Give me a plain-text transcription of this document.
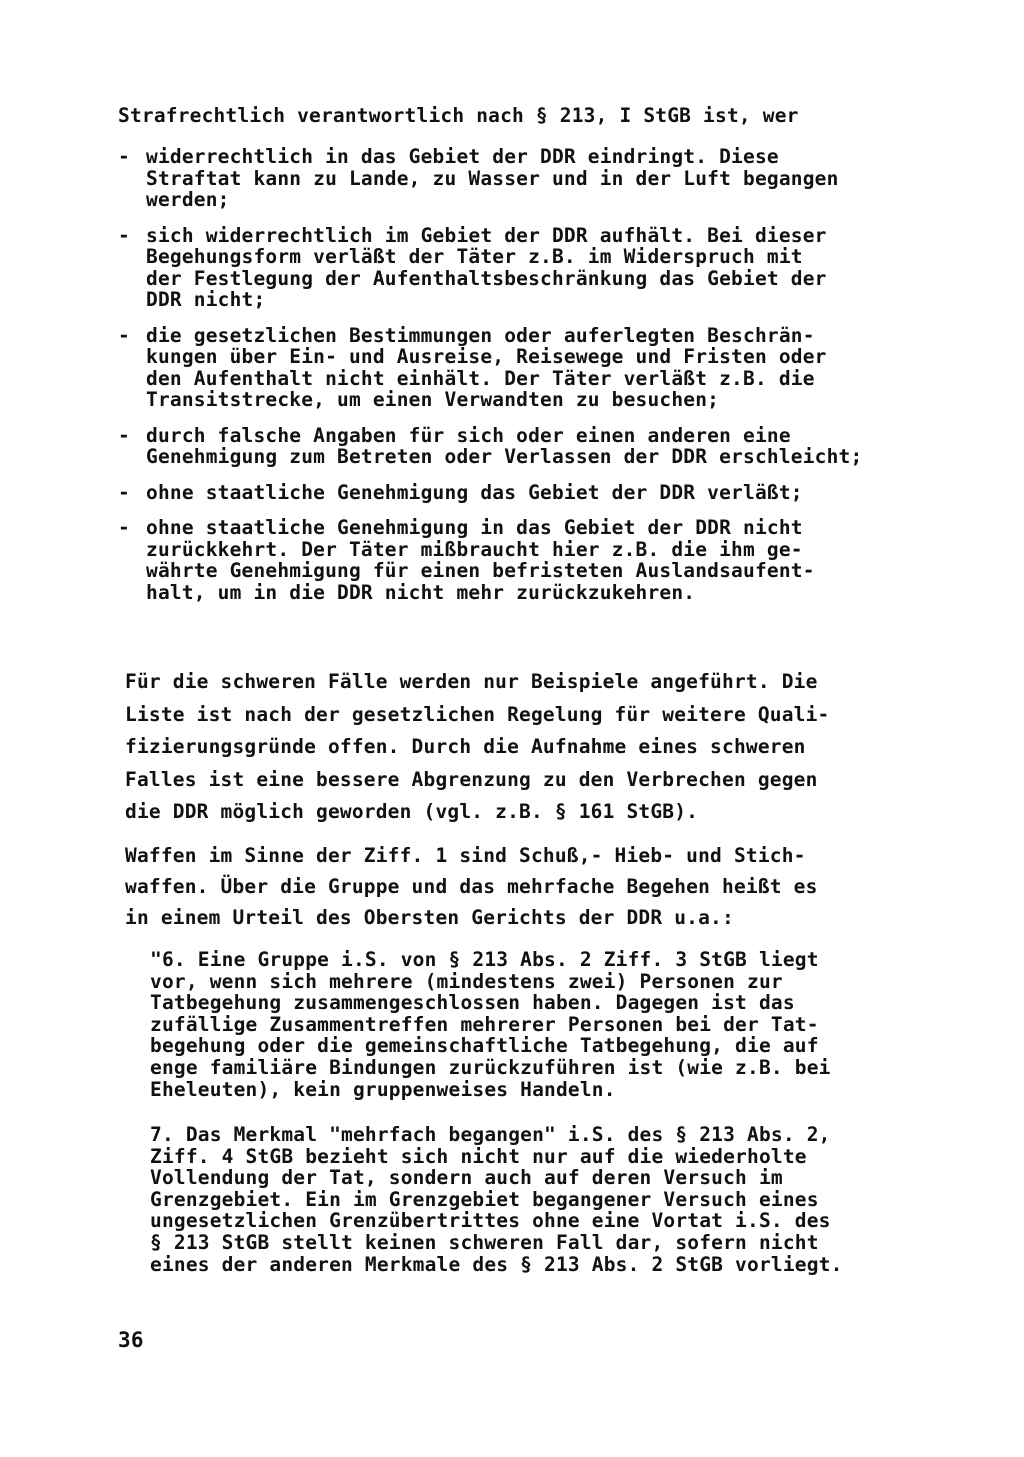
Strafrechtlich verantwortlich nach § 213, I StGB ist, wer

- widerrechtlich in das Gebiet der DDR eindringt. Diese
Straftat kann zu Lande, zu Wasser und in der Luft begangen
werden;
- sich widerrechtlich im Gebiet der DDR aufhält. Bei dieser
Begehungsform verläßt der Täter z.B. im Widerspruch mit
der Festlegung der Aufenthaltsbeschränkung das Gebiet der
DDR nicht;
- die gesetzlichen Bestimmungen oder auferlegten Beschrän-
kungen über Ein- und Ausreise, Reisewege und Fristen oder
den Aufenthalt nicht einhält. Der Täter verläßt z.B. die
Transitstrecke, um einen Verwandten zu besuchen;
- durch falsche Angaben für sich oder einen anderen eine
Genehmigung zum Betreten oder Verlassen der DDR erschleicht;
- ohne staatliche Genehmigung das Gebiet der DDR verläßt;
- ohne staatliche Genehmigung in das Gebiet der DDR nicht
zurückkehrt. Der Täter mißbraucht hier z.B. die ihm ge-
währte Genehmigung für einen befristeten Auslandsaufent-
halt, um in die DDR nicht mehr zurückzukehren.

Für die schweren Fälle werden nur Beispiele angeführt. Die
Liste ist nach der gesetzlichen Regelung für weitere Quali-
fizierungsgründe offen. Durch die Aufnahme eines schweren
Falles ist eine bessere Abgrenzung zu den Verbrechen gegen
die DDR möglich geworden (vgl. z.B. § 161 StGB).

Waffen im Sinne der Ziff. 1 sind Schuß,- Hieb- und Stich-
waffen. Über die Gruppe und das mehrfache Begehen heißt es
in einem Urteil des Obersten Gerichts der DDR u.a.:

"6. Eine Gruppe i.S. von § 213 Abs. 2 Ziff. 3 StGB liegt
vor, wenn sich mehrere (mindestens zwei) Personen zur
Tatbegehung zusammengeschlossen haben. Dagegen ist das
zufällige Zusammentreffen mehrerer Personen bei der Tat-
begehung oder die gemeinschaftliche Tatbegehung, die auf
enge familiäre Bindungen zurückzuführen ist (wie z.B. bei
Eheleuten), kein gruppenweises Handeln.

7. Das Merkmal "mehrfach begangen" i.S. des § 213 Abs. 2,
Ziff. 4 StGB bezieht sich nicht nur auf die wiederholte
Vollendung der Tat, sondern auch auf deren Versuch im
Grenzgebiet. Ein im Grenzgebiet begangener Versuch eines
ungesetzlichen Grenzübertrittes ohne eine Vortat i.S. des
§ 213 StGB stellt keinen schweren Fall dar, sofern nicht
eines der anderen Merkmale des § 213 Abs. 2 StGB vorliegt.

36
